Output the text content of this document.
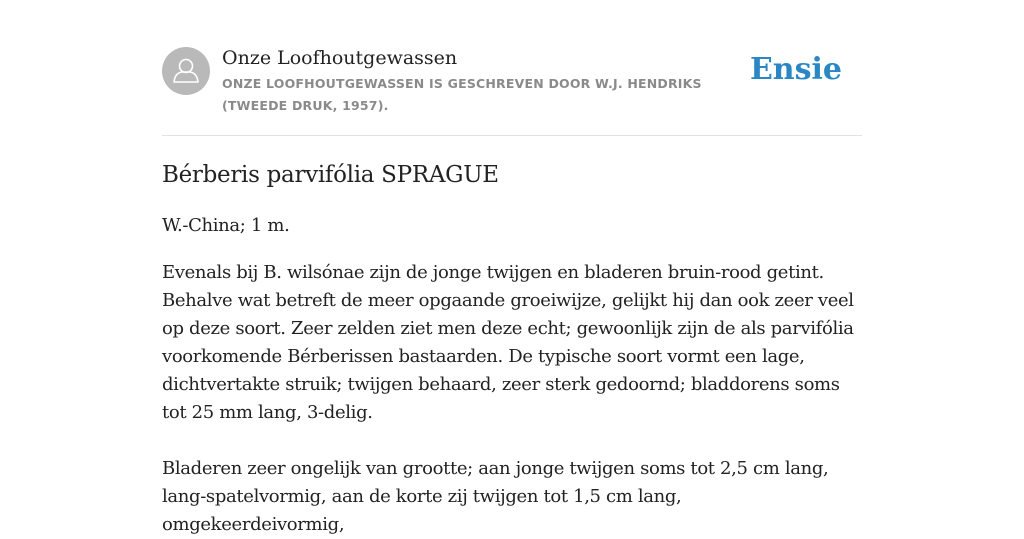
Onze Loofhoutgewassen
ONZE LOOFHOUTGEWASSEN IS GESCHREVEN DOOR W.J. HENDRIKS (TWEEDE DRUK, 1957).
Ensie
Bérberis parvifólia SPRAGUE

W.-China; 1 m.

Evenals bij B. wilsónae zijn de jonge twijgen en bladeren bruin-rood getint. Behalve wat betreft de meer opgaande groeiwijze, gelijkt hij dan ook zeer veel op deze soort. Zeer zelden ziet men deze echt; gewoonlijk zijn de als parvifólia voorkomende Bérberissen bastaarden. De typische soort vormt een lage, dichtvertakte struik; twijgen behaard, zeer sterk gedoornd; bladdorens soms tot 25 mm lang, 3-delig.

Bladeren zeer ongelijk van grootte; aan jonge twijgen soms tot 2,5 cm lang, lang-spatelvormig, aan de korte zij twijgen tot 1,5 cm lang, omgekeerdeivormig,
